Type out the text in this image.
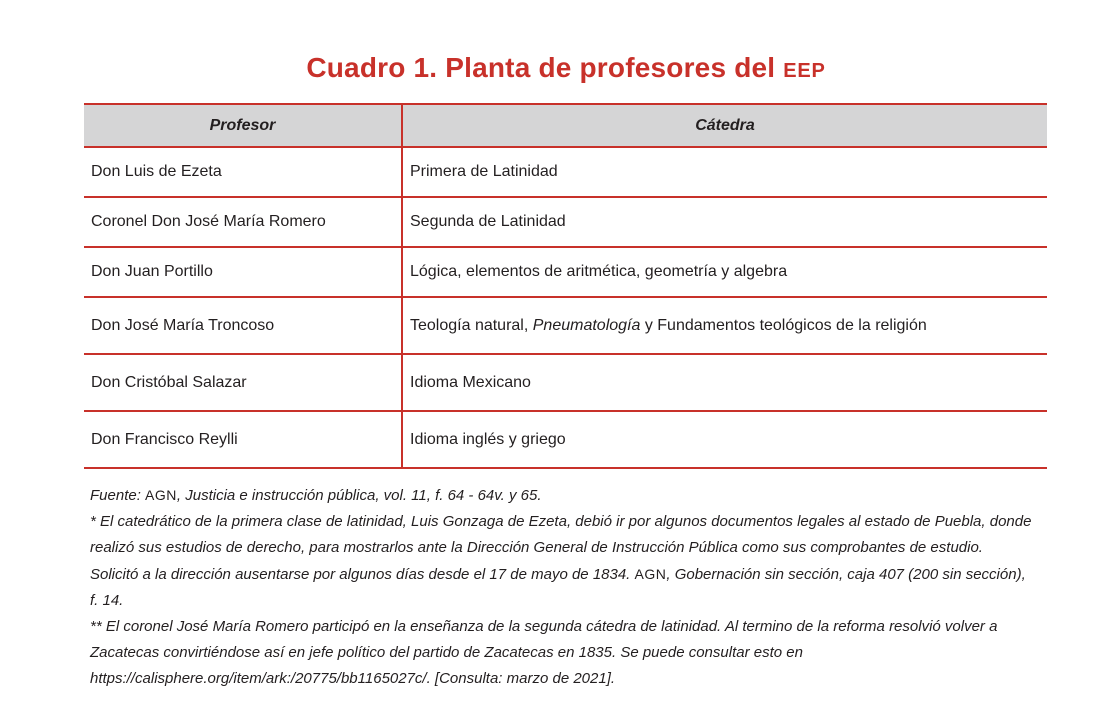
Cuadro 1. Planta de profesores del EEP
Profesor	Cátedra
Don Luis de Ezeta	Primera de Latinidad
Coronel Don José María Romero	Segunda de Latinidad
Don Juan Portillo	Lógica, elementos de aritmética, geometría y algebra
Don José María Troncoso	Teología natural, Pneumatología y Fundamentos teológicos de la religión
Don Cristóbal Salazar	Idioma Mexicano
Don Francisco Reylli	Idioma inglés y griego

Fuente: AGN, Justicia e instrucción pública, vol. 11, f. 64 - 64v. y 65.

* El catedrático de la primera clase de latinidad, Luis Gonzaga de Ezeta, debió ir por algunos documentos legales al estado de Puebla, donde realizó sus estudios de derecho, para mostrarlos ante la Dirección General de Instrucción Pública como sus comprobantes de estudio. Solicitó a la dirección ausentarse por algunos días desde el 17 de mayo de 1834. AGN, Gobernación sin sección, caja 407 (200 sin sección), f. 14.

** El coronel José María Romero participó en la enseñanza de la segunda cátedra de latinidad. Al termino de la reforma resolvió volver a Zacatecas convirtiéndose así en jefe político del partido de Zacatecas en 1835. Se puede consultar esto en https://calisphere.org/item/ark:/20775/bb1165027c/. [Consulta: marzo de 2021].
